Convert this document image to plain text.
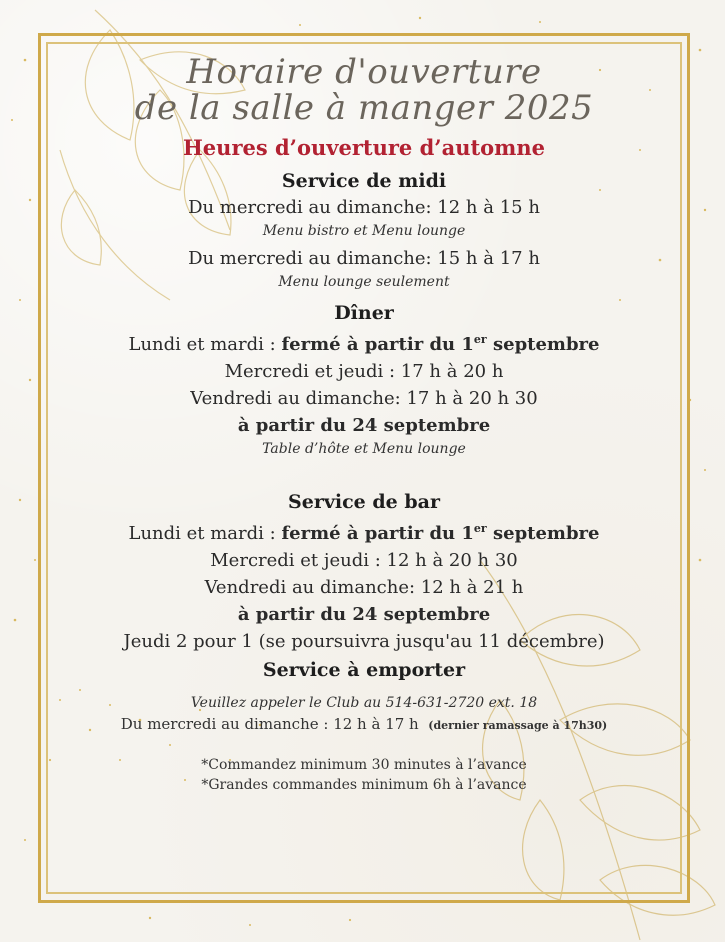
Horaire d'ouverture
de la salle à manger 2025
Heures d’ouverture d’automne
Service de midi
Du mercredi au dimanche: 12 h à 15 h
Menu bistro et Menu lounge
Du mercredi au dimanche: 15 h à 17 h
Menu lounge seulement
Dîner
Lundi et mardi : fermé à partir du 1er septembre
Mercredi et jeudi : 17 h à 20 h
Vendredi au dimanche: 17 h à 20 h 30
à partir du 24 septembre
Table d’hôte et Menu lounge
Service de bar
Lundi et mardi : fermé à partir du 1er septembre
Mercredi et jeudi : 12 h à 20 h 30
Vendredi au dimanche: 12 h à 21 h
à partir du 24 septembre
Jeudi 2 pour 1 (se poursuivra jusqu'au 11 décembre)
Service à emporter
Veuillez appeler le Club au 514-631-2720 ext. 18
Du mercredi au dimanche : 12 h à 17 h (dernier ramassage à 17h30)
*Commandez minimum 30 minutes à l’avance
*Grandes commandes minimum 6h à l’avance
